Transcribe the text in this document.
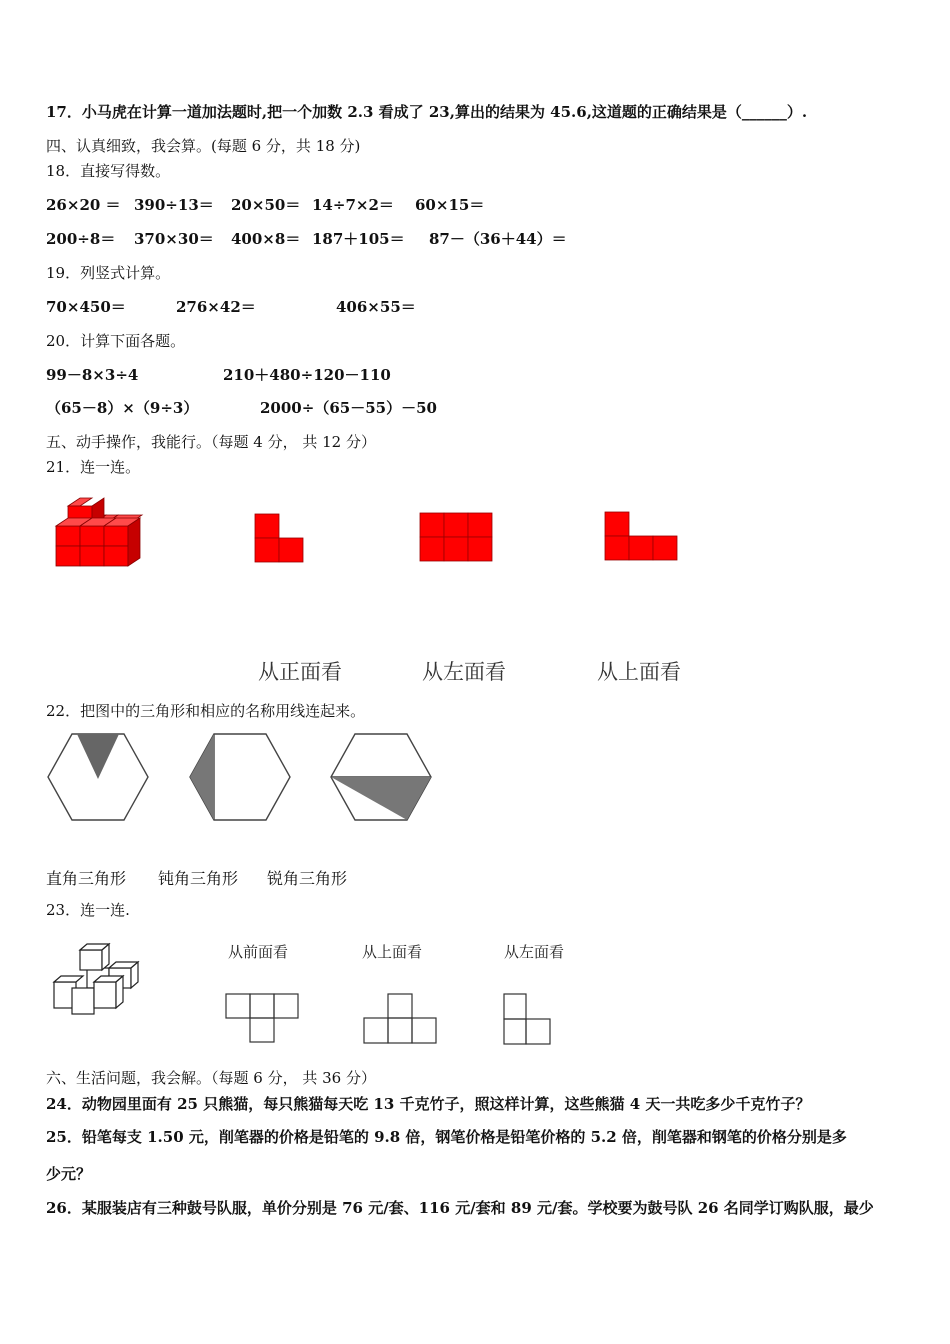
17．小马虎在计算一道加法题时,把一个加数 2.3 看成了 23,算出的结果为 45.6,这道题的正确结果是（______）.
四、认真细致，我会算。(每题 6 分，共 18 分)
18．直接写得数。
26×20 ＝ 390÷13＝ 20×50＝ 14÷7×2＝ 60×15＝
200÷8＝ 370×30＝ 400×8＝ 187＋105＝ 87－（36＋44）＝
19．列竖式计算。
70×450＝	276×42＝	406×55＝
20．计算下面各题。
99－8×3÷4	210＋480÷120－110
（65－8）×（9÷3）	2000÷（65－55）－50
五、动手操作，我能行。（每题 4 分， 共 12 分）
21．连一连。
从正面看	从左面看	从上面看
22．把图中的三角形和相应的名称用线连起来。
直角三角形 钝角三角形 锐角三角形
23．连一连.
从前面看	从上面看	从左面看
六、生活问题，我会解。（每题 6 分， 共 36 分）
24．动物园里面有 25 只熊猫，每只熊猫每天吃 13 千克竹子，照这样计算，这些熊猫 4 天一共吃多少千克竹子？
25．铅笔每支 1.50 元，削笔器的价格是铅笔的 9.8 倍，钢笔价格是铅笔价格的 5.2 倍，削笔器和钢笔的价格分别是多
少元？
26．某服装店有三种鼓号队服，单价分别是 76 元/套、116 元/套和 89 元/套。学校要为鼓号队 26 名同学订购队服，最少
